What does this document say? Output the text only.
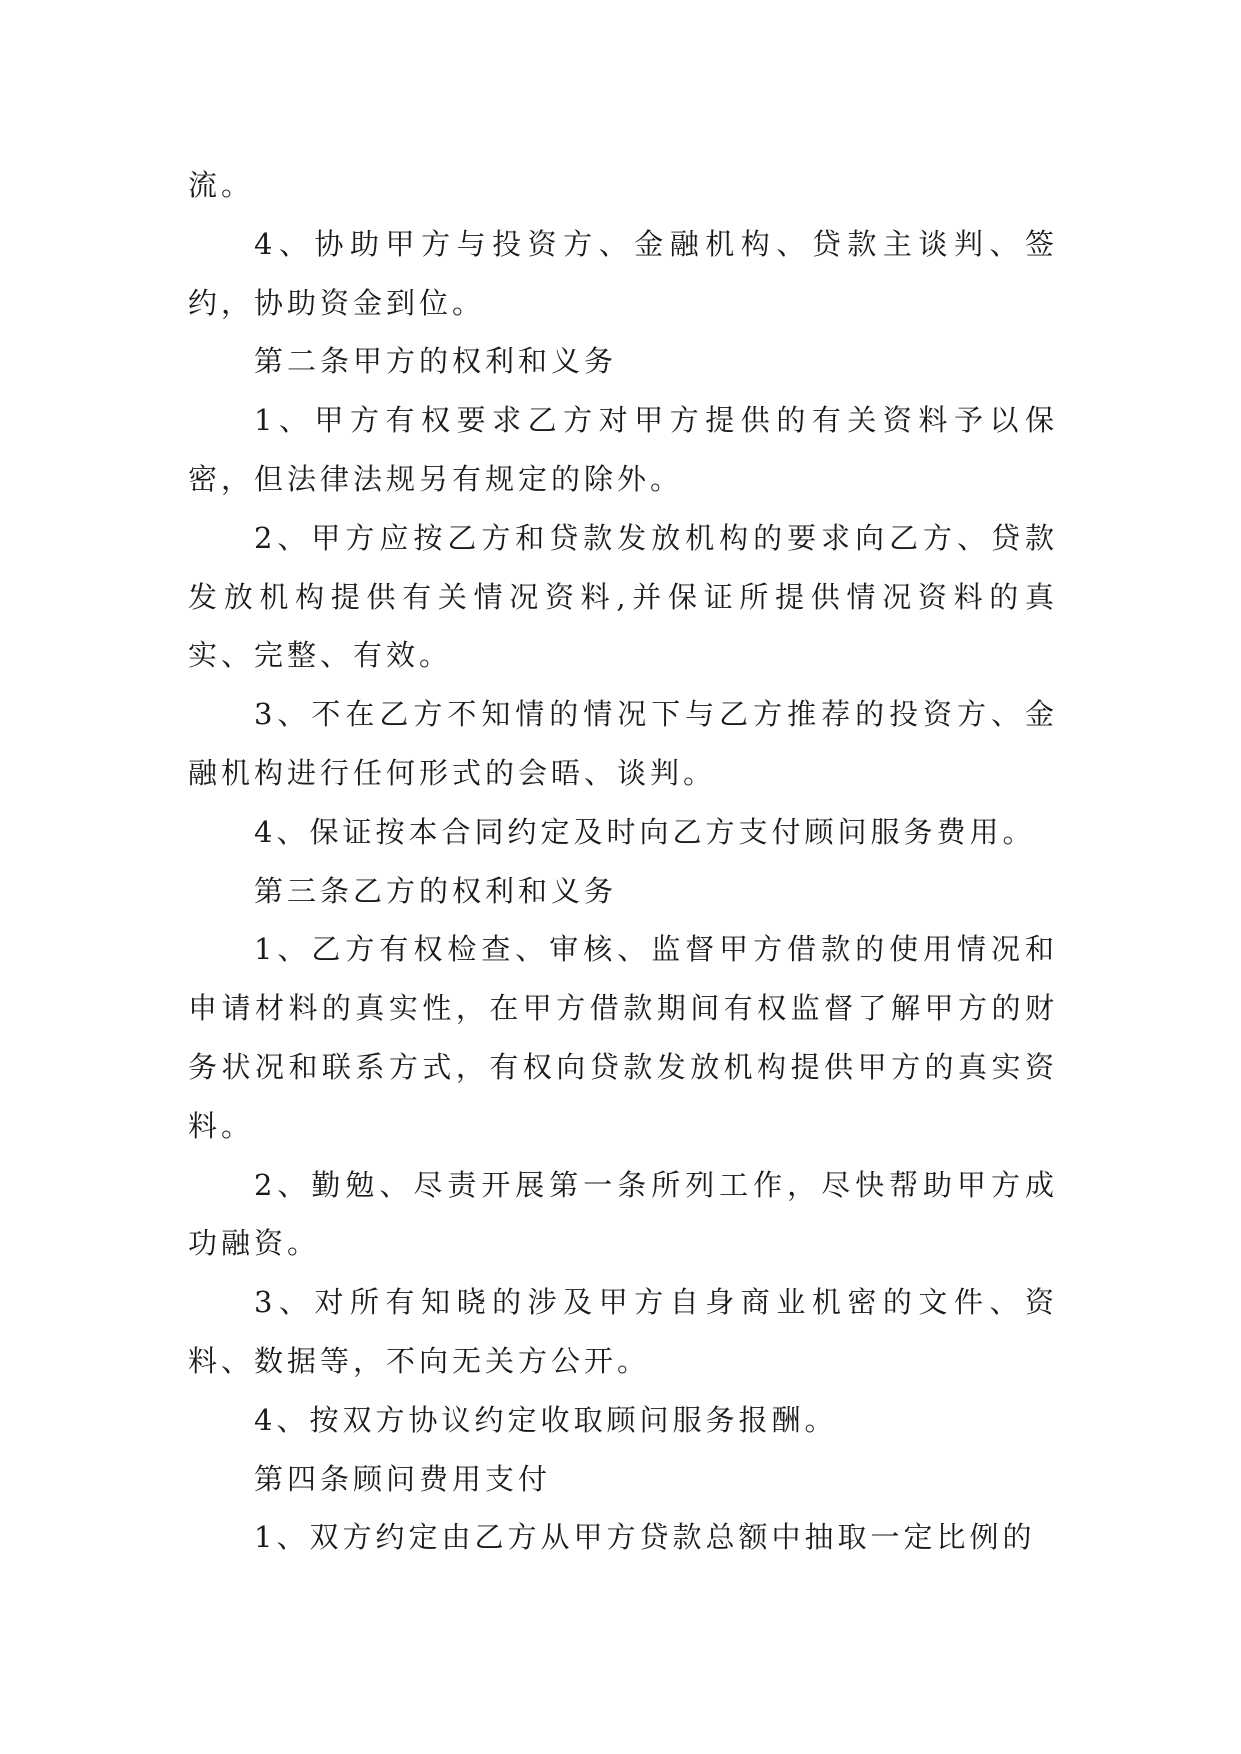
流。

4、协助甲方与投资方、金融机构、贷款主谈判、签约，协助资金到位。

第二条甲方的权利和义务

1、甲方有权要求乙方对甲方提供的有关资料予以保密，但法律法规另有规定的除外。

2、甲方应按乙方和贷款发放机构的要求向乙方、贷款发放机构提供有关情况资料,并保证所提供情况资料的真实、完整、有效。

3、不在乙方不知情的情况下与乙方推荐的投资方、金融机构进行任何形式的会晤、谈判。

4、保证按本合同约定及时向乙方支付顾问服务费用。

第三条乙方的权利和义务

1、乙方有权检查、审核、监督甲方借款的使用情况和申请材料的真实性，在甲方借款期间有权监督了解甲方的财务状况和联系方式，有权向贷款发放机构提供甲方的真实资料。

2、勤勉、尽责开展第一条所列工作，尽快帮助甲方成功融资。

3、对所有知晓的涉及甲方自身商业机密的文件、资料、数据等，不向无关方公开。

4、按双方协议约定收取顾问服务报酬。

第四条顾问费用支付

1、双方约定由乙方从甲方贷款总额中抽取一定比例的
